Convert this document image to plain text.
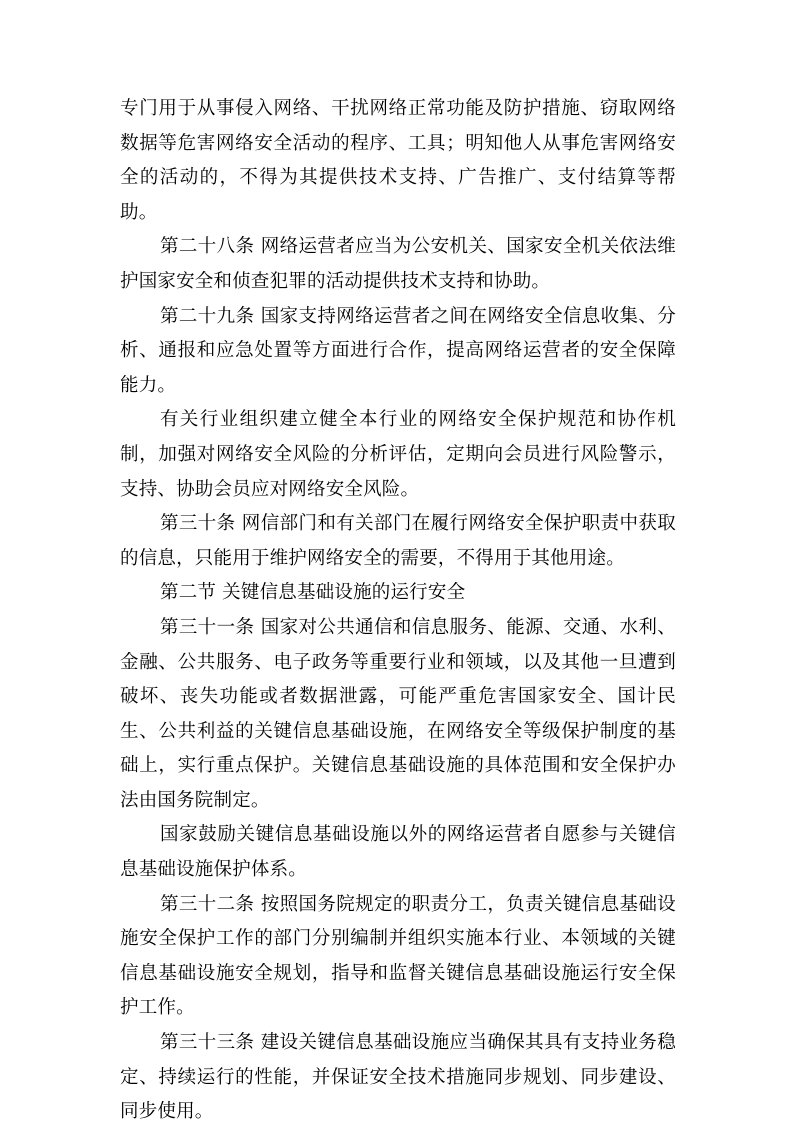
专门用于从事侵入网络、干扰网络正常功能及防护措施、窃取网络数据等危害网络安全活动的程序、工具；明知他人从事危害网络安全的活动的，不得为其提供技术支持、广告推广、支付结算等帮助。

第二十八条 网络运营者应当为公安机关、国家安全机关依法维护国家安全和侦查犯罪的活动提供技术支持和协助。

第二十九条 国家支持网络运营者之间在网络安全信息收集、分析、通报和应急处置等方面进行合作，提高网络运营者的安全保障能力。

有关行业组织建立健全本行业的网络安全保护规范和协作机制，加强对网络安全风险的分析评估，定期向会员进行风险警示，支持、协助会员应对网络安全风险。

第三十条 网信部门和有关部门在履行网络安全保护职责中获取的信息，只能用于维护网络安全的需要，不得用于其他用途。

第二节 关键信息基础设施的运行安全

第三十一条 国家对公共通信和信息服务、能源、交通、水利、金融、公共服务、电子政务等重要行业和领域，以及其他一旦遭到破坏、丧失功能或者数据泄露，可能严重危害国家安全、国计民生、公共利益的关键信息基础设施，在网络安全等级保护制度的基础上，实行重点保护。关键信息基础设施的具体范围和安全保护办法由国务院制定。

国家鼓励关键信息基础设施以外的网络运营者自愿参与关键信息基础设施保护体系。

第三十二条 按照国务院规定的职责分工，负责关键信息基础设施安全保护工作的部门分别编制并组织实施本行业、本领域的关键信息基础设施安全规划，指导和监督关键信息基础设施运行安全保护工作。

第三十三条 建设关键信息基础设施应当确保其具有支持业务稳定、持续运行的性能，并保证安全技术措施同步规划、同步建设、同步使用。
